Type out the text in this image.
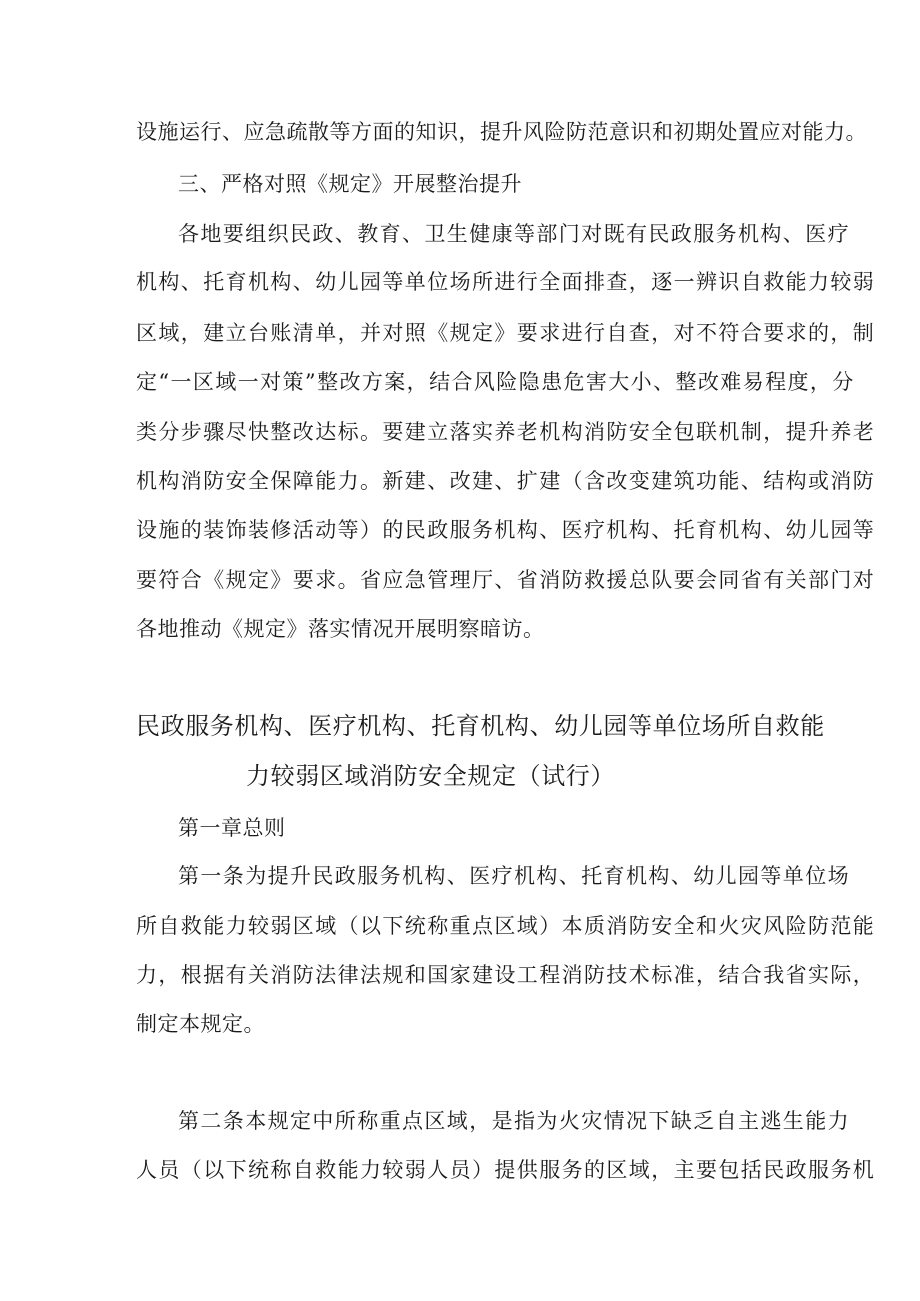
设施运行、应急疏散等方面的知识，提升风险防范意识和初期处置应对能力。
三、严格对照《规定》开展整治提升
各地要组织民政、教育、卫生健康等部门对既有民政服务机构、医疗
机构、托育机构、幼儿园等单位场所进行全面排查，逐一辨识自救能力较弱
区域，建立台账清单，并对照《规定》要求进行自查，对不符合要求的，制
定“一区域一对策”整改方案，结合风险隐患危害大小、整改难易程度，分
类分步骤尽快整改达标。要建立落实养老机构消防安全包联机制，提升养老
机构消防安全保障能力。新建、改建、扩建（含改变建筑功能、结构或消防
设施的装饰装修活动等）的民政服务机构、医疗机构、托育机构、幼儿园等
要符合《规定》要求。省应急管理厅、省消防救援总队要会同省有关部门对
各地推动《规定》落实情况开展明察暗访。
民政服务机构、医疗机构、托育机构、幼儿园等单位场所自救能
力较弱区域消防安全规定（试行）
第一章总则
第一条为提升民政服务机构、医疗机构、托育机构、幼儿园等单位场
所自救能力较弱区域（以下统称重点区域）本质消防安全和火灾风险防范能
力，根据有关消防法律法规和国家建设工程消防技术标准，结合我省实际，
制定本规定。
第二条本规定中所称重点区域，是指为火灾情况下缺乏自主逃生能力
人员（以下统称自救能力较弱人员）提供服务的区域，主要包括民政服务机
